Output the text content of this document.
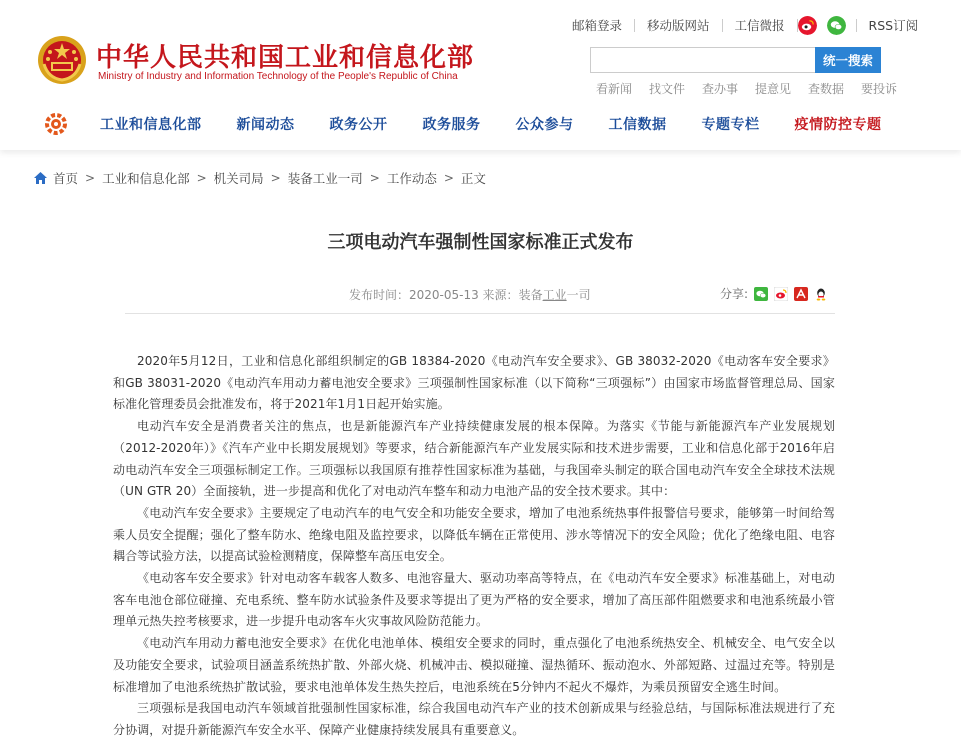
中华人民共和国工业和信息化部
Ministry of Industry and Information Technology of the People's Republic of China
邮箱登录	移动版网站	工信微报	RSS订阅
统一搜索
看新闻	找文件	查办事	提意见	查数据	要投诉
工业和信息化部	新闻动态	政务公开	政务服务	公众参与	工信数据	专题专栏	疫情防控专题
首页 > 工业和信息化部 > 机关司局 > 装备工业一司 > 工作动态 > 正文
三项电动汽车强制性国家标准正式发布
发布时间：2020-05-13 来源：装备工业一司	分享:

2020年5月12日，工业和信息化部组织制定的GB 18384-2020《电动汽车安全要求》、GB 38032-2020《电动客车安全要求》和GB 38031-2020《电动汽车用动力蓄电池安全要求》三项强制性国家标准（以下简称“三项强标”）由国家市场监督管理总局、国家标准化管理委员会批准发布，将于2021年1月1日起开始实施。

电动汽车安全是消费者关注的焦点，也是新能源汽车产业持续健康发展的根本保障。为落实《节能与新能源汽车产业发展规划（2012-2020年）》《汽车产业中长期发展规划》等要求，结合新能源汽车产业发展实际和技术进步需要，工业和信息化部于2016年启动电动汽车安全三项强标制定工作。三项强标以我国原有推荐性国家标准为基础，与我国牵头制定的联合国电动汽车安全全球技术法规（UN GTR 20）全面接轨，进一步提高和优化了对电动汽车整车和动力电池产品的安全技术要求。其中：

《电动汽车安全要求》主要规定了电动汽车的电气安全和功能安全要求，增加了电池系统热事件报警信号要求，能够第一时间给驾乘人员安全提醒；强化了整车防水、绝缘电阻及监控要求，以降低车辆在正常使用、涉水等情况下的安全风险；优化了绝缘电阻、电容耦合等试验方法，以提高试验检测精度，保障整车高压电安全。

《电动客车安全要求》针对电动客车载客人数多、电池容量大、驱动功率高等特点，在《电动汽车安全要求》标准基础上，对电动客车电池仓部位碰撞、充电系统、整车防水试验条件及要求等提出了更为严格的安全要求，增加了高压部件阻燃要求和电池系统最小管理单元热失控考核要求，进一步提升电动客车火灾事故风险防范能力。

《电动汽车用动力蓄电池安全要求》在优化电池单体、模组安全要求的同时，重点强化了电池系统热安全、机械安全、电气安全以及功能安全要求，试验项目涵盖系统热扩散、外部火烧、机械冲击、模拟碰撞、湿热循环、振动泡水、外部短路、过温过充等。特别是标准增加了电池系统热扩散试验，要求电池单体发生热失控后，电池系统在5分钟内不起火不爆炸，为乘员预留安全逃生时间。

三项强标是我国电动汽车领域首批强制性国家标准，综合我国电动汽车产业的技术创新成果与经验总结，与国际标准法规进行了充分协调，对提升新能源汽车安全水平、保障产业健康持续发展具有重要意义。
